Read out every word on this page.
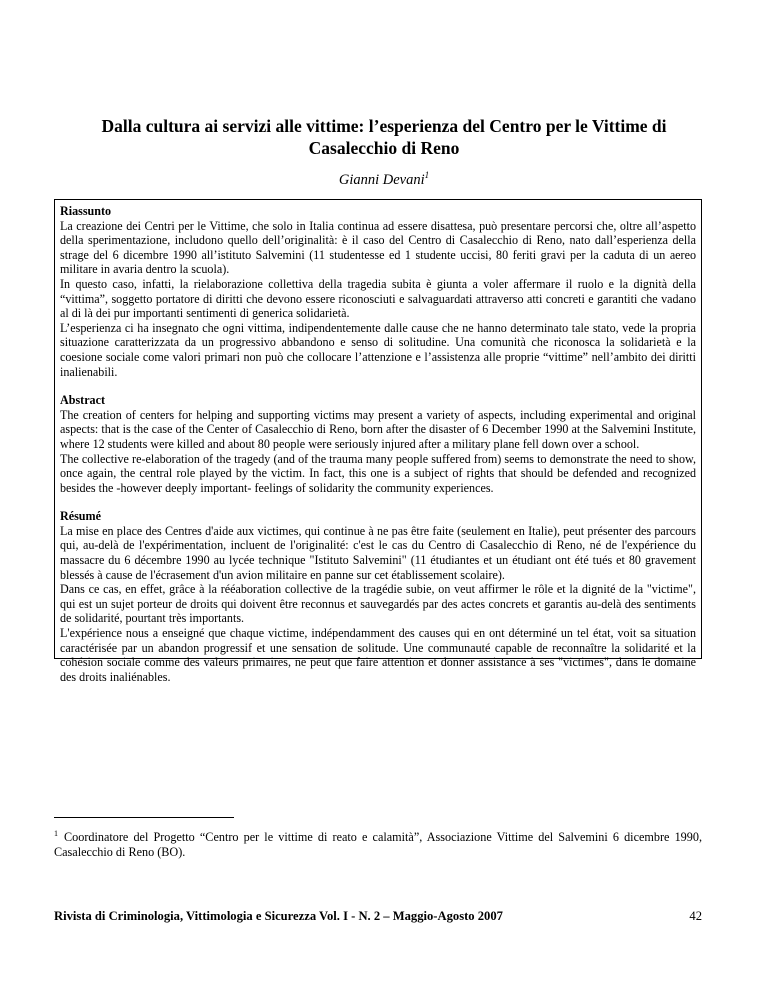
Dalla cultura ai servizi alle vittime: l’esperienza del Centro per le Vittime di Casalecchio di Reno
Gianni Devani$^1$
Riassunto

La creazione dei Centri per le Vittime, che solo in Italia continua ad essere disattesa, può presentare percorsi che, oltre all’aspetto della sperimentazione, includono quello dell’originalità: è il caso del Centro di Casalecchio di Reno, nato dall’esperienza della strage del 6 dicembre 1990 all’istituto Salvemini (11 studentesse ed 1 studente uccisi, 80 feriti gravi per la caduta di un aereo militare in avaria dentro la scuola).

In questo caso, infatti, la rielaborazione collettiva della tragedia subita è giunta a voler affermare il ruolo e la dignità della “vittima”, soggetto portatore di diritti che devono essere riconosciuti e salvaguardati attraverso atti concreti e garantiti che vadano al di là dei pur importanti sentimenti di generica solidarietà.

L’esperienza ci ha insegnato che ogni vittima, indipendentemente dalle cause che ne hanno determinato tale stato, vede la propria situazione caratterizzata da un progressivo abbandono e senso di solitudine. Una comunità che riconosca la solidarietà e la coesione sociale come valori primari non può che collocare l’attenzione e l’assistenza alle proprie “vittime” nell’ambito dei diritti inalienabili.

Abstract

The creation of centers for helping and supporting victims may present a variety of aspects, including experimental and original aspects: that is the case of the Center of Casalecchio di Reno, born after the disaster of 6 December 1990 at the Salvemini Institute, where 12 students were killed and about 80 people were seriously injured after a military plane fell down over a school.

The collective re-elaboration of the tragedy (and of the trauma many people suffered from) seems to demonstrate the need to show, once again, the central role played by the victim. In fact, this one is a subject of rights that should be defended and recognized besides the -however deeply important- feelings of solidarity the community experiences.

Résumé

La mise en place des Centres d'aide aux victimes, qui continue à ne pas être faite (seulement en Italie), peut présenter des parcours qui, au-delà de l'expérimentation, incluent de l'originalité: c'est le cas du Centro di Casalecchio di Reno, né de l'expérience du massacre du 6 décembre 1990 au lycée technique "Istituto Salvemini" (11 étudiantes et un étudiant ont été tués et 80 gravement blessés à cause de l'écrasement d'un avion militaire en panne sur cet établissement scolaire).

Dans ce cas, en effet, grâce à la rééaboration collective de la tragédie subie, on veut affirmer le rôle et la dignité de la "victime", qui est un sujet porteur de droits qui doivent être reconnus et sauvegardés par des actes concrets et garantis au-delà des sentiments de solidarité, pourtant très importants.

L'expérience nous a enseigné que chaque victime, indépendamment des causes qui en ont déterminé un tel état, voit sa situation caractérisée par un abandon progressif et une sensation de solitude. Une communauté capable de reconnaître la solidarité et la cohésion sociale comme des valeurs primaires, ne peut que faire attention et donner assistance à ses "victimes", dans le domaine des droits inaliénables.

$^1$ Coordinatore del Progetto “Centro per le vittime di reato e calamità”, Associazione Vittime del Salvemini 6 dicembre 1990, Casalecchio di Reno (BO).
Rivista di Criminologia, Vittimologia e Sicurezza Vol. I - N. 2 – Maggio-Agosto 2007	42
